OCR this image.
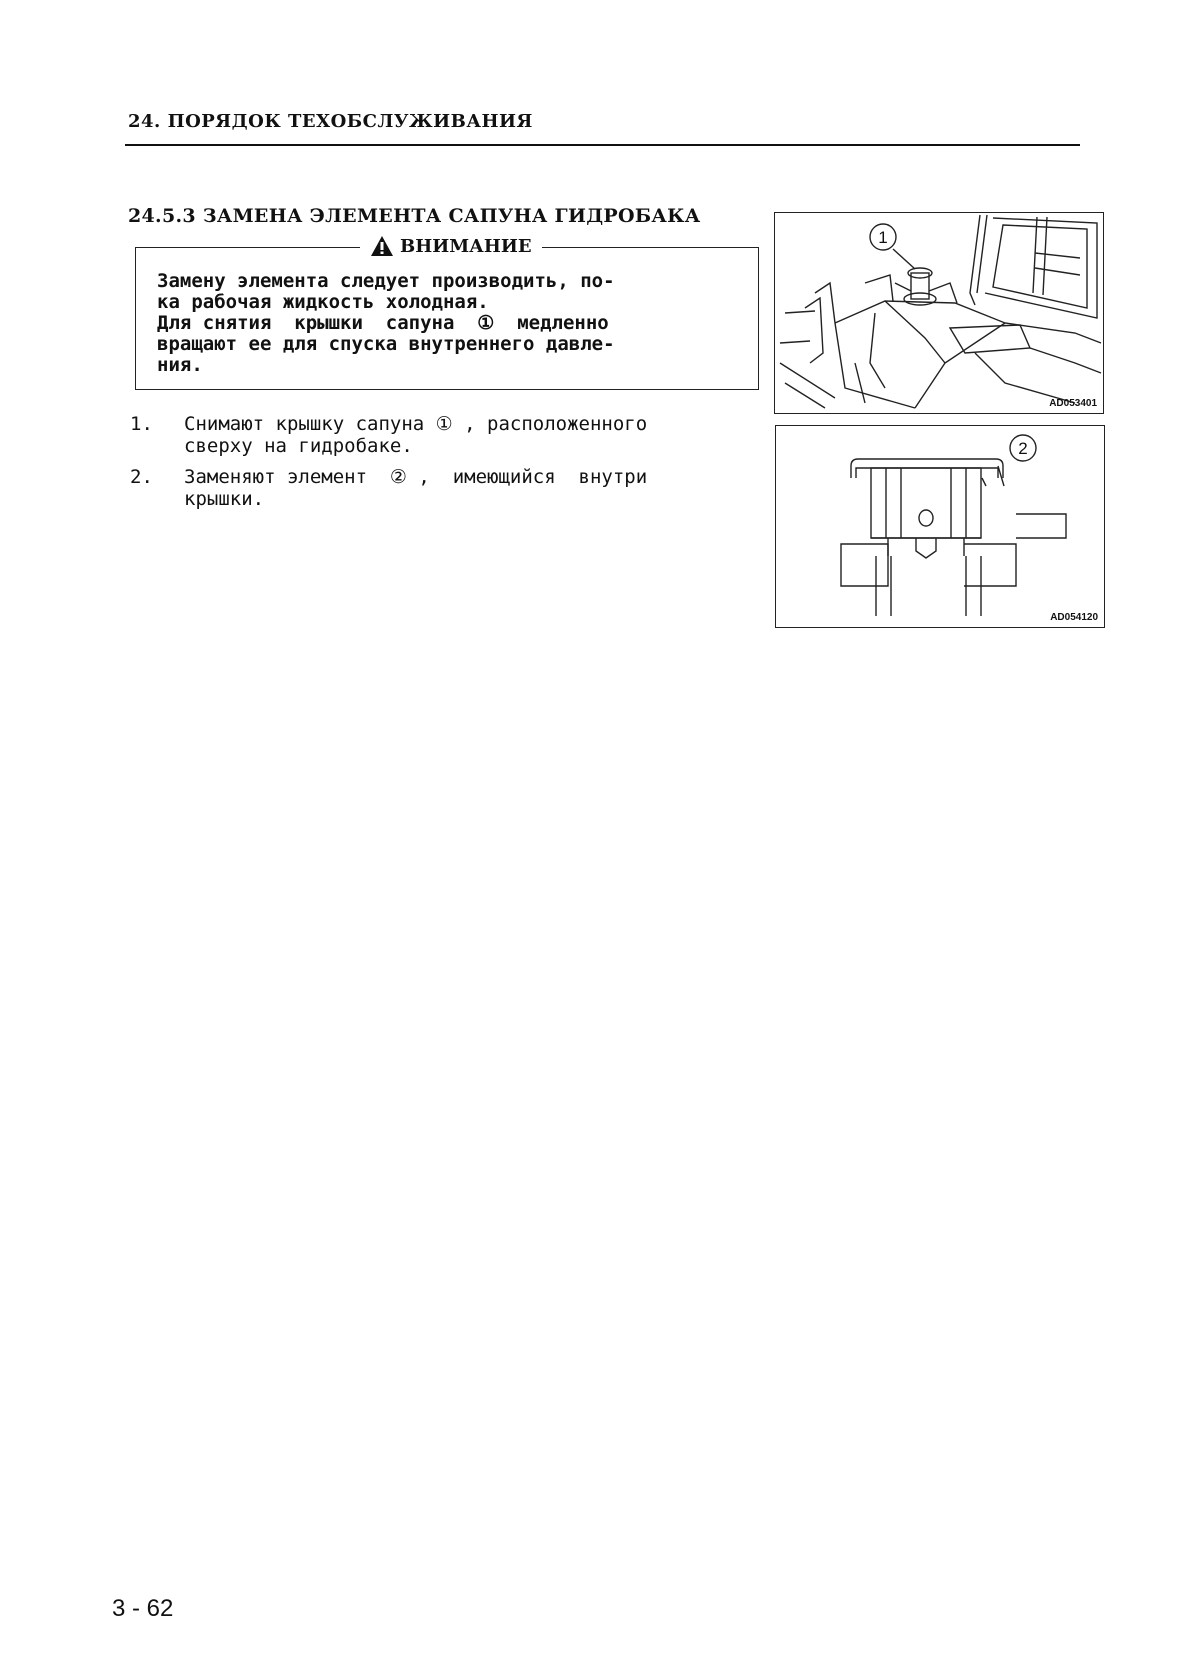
24. ПОРЯДОК ТЕХОБСЛУЖИВАНИЯ
24.5.3 ЗАМЕНА ЭЛЕМЕНТА САПУНА ГИДРОБАКА
ВНИМАНИЕ
Замену элемента следует производить, по-
ка рабочая жидкость холодная.
Для снятия  крышки  сапуна  ①  медленно
вращают ее для спуска внутреннего давле-
ния.
1.	Снимают крышку сапуна ① , расположенного
сверху на гидробаке.
2.	Заменяют элемент  ② ,  имеющийся  внутри
крышки.
1
AD053401
2
AD054120
3 - 62
